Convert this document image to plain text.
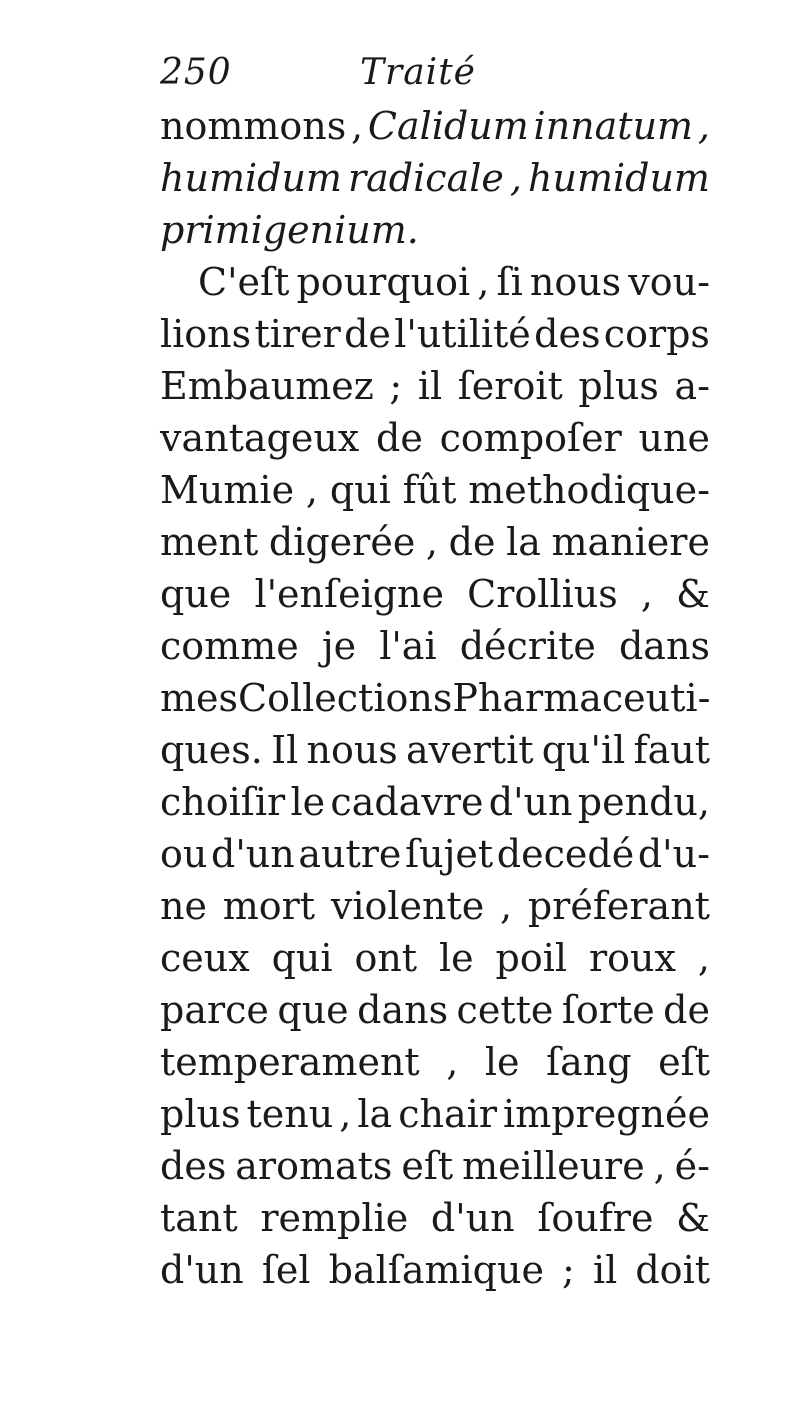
250	Traité
nommons , Calidum innatum ,
humidum radicale , humidum
primigenium.
C'eſt pourquoi , ſi nous vou-
lions tirer de l'utilité des corps
Embaumez ; il ſeroit plus a-
vantageux de compoſer une
Mumie , qui fût methodique-
ment digerée , de la maniere
que l'enſeigne Crollius , &
comme je l'ai décrite dans
mes Collections Pharmaceuti-
ques. Il nous avertit qu'il faut
choiſir le cadavre d'un pendu,
ou d'un autre ſujet decedé d'u-
ne mort violente , préferant
ceux qui ont le poil roux ,
parce que dans cette ſorte de
temperament , le ſang eſt
plus tenu , la chair impregnée
des aromats eſt meilleure , é-
tant remplie d'un ſoufre &
d'un ſel balſamique ; il doit
